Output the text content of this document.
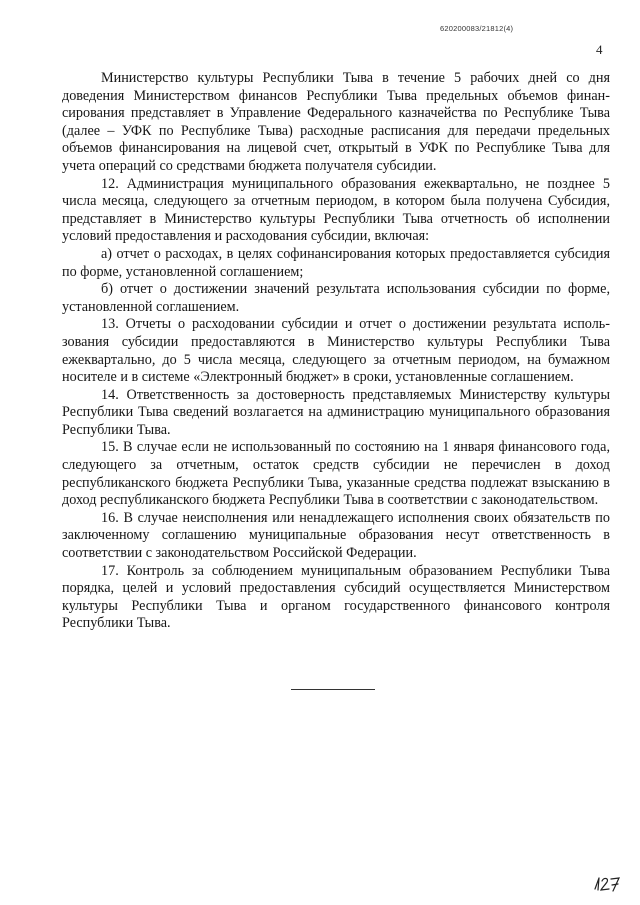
620200083/21812(4)
4

Министерство культуры Республики Тыва в течение 5 рабочих дней со дня доведения Министерством финансов Республики Тыва предельных объемов финансирования представляет в Управление Федерального казначейства по Республике Тыва (далее – УФК по Республике Тыва) расходные расписания для передачи предельных объемов финансирования на лицевой счет, открытый в УФК по Республике Тыва для учета операций со средствами бюджета получателя субсидии.

12. Администрация муниципального образования ежеквартально, не позднее 5 числа месяца, следующего за отчетным периодом, в котором была получена Субсидия, представляет в Министерство культуры Республики Тыва отчетность об исполнении условий предоставления и расходования субсидии, включая:

а) отчет о расходах, в целях софинансирования которых предоставляется субсидия по форме, установленной соглашением;

б) отчет о достижении значений результата использования субсидии по форме, установленной соглашением.

13. Отчеты о расходовании субсидии и отчет о достижении результата использования субсидии предоставляются в Министерство культуры Республики Тыва ежеквартально, до 5 числа месяца, следующего за отчетным периодом, на бумажном носителе и в системе «Электронный бюджет» в сроки, установленные соглашением.

14. Ответственность за достоверность представляемых Министерству культуры Республики Тыва сведений возлагается на администрацию муниципального образования Республики Тыва.

15. В случае если не использованный по состоянию на 1 января финансового года, следующего за отчетным, остаток средств субсидии не перечислен в доход республиканского бюджета Республики Тыва, указанные средства подлежат взысканию в доход республиканского бюджета Республики Тыва в соответствии с законодательством.

16. В случае неисполнения или ненадлежащего исполнения своих обязательств по заключенному соглашению муниципальные образования несут ответственность в соответствии с законодательством Российской Федерации.

17. Контроль за соблюдением муниципальным образованием Республики Тыва порядка, целей и условий предоставления субсидий осуществляется Министерством культуры Республики Тыва и органом государственного финансового контроля Республики Тыва.
